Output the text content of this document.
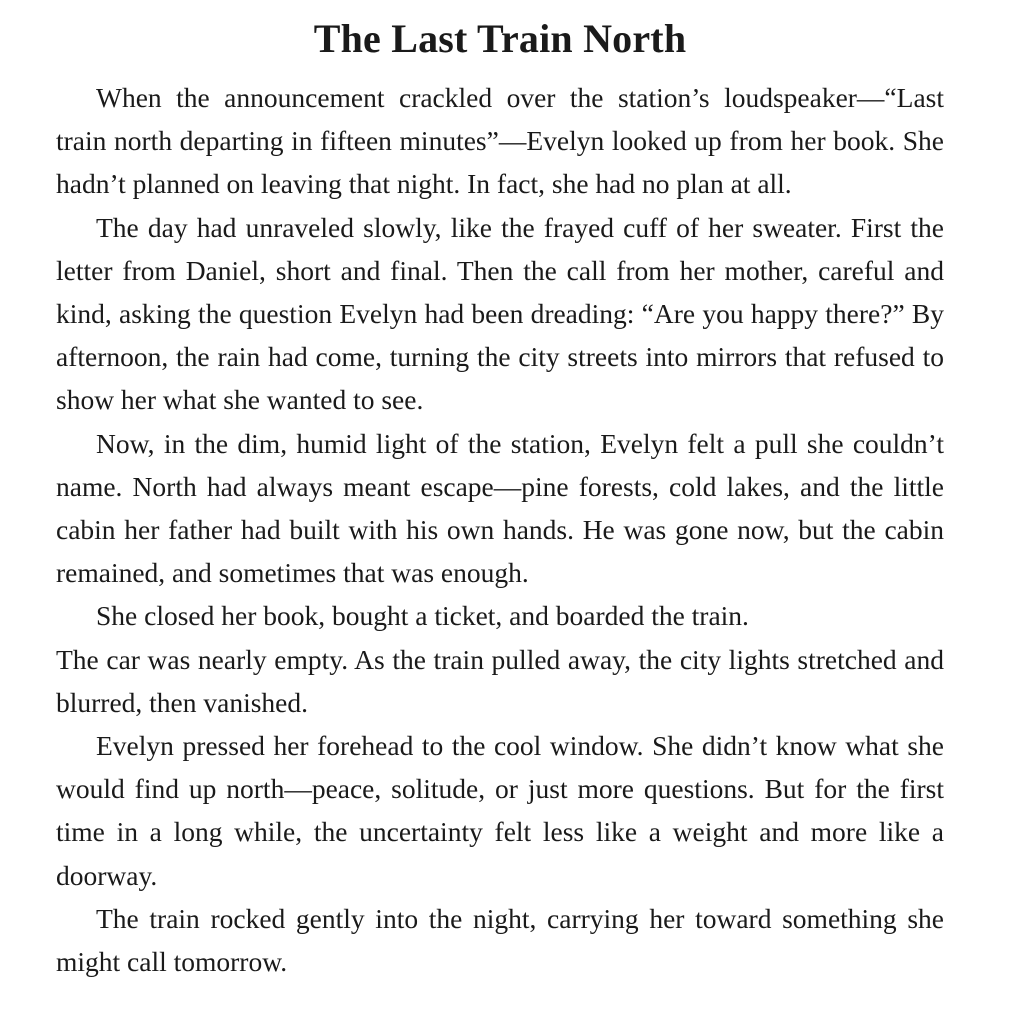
The Last Train North

When the announcement crackled over the station’s loudspeaker—“Last train north departing in fifteen minutes”—Evelyn looked up from her book. She hadn’t planned on leaving that night. In fact, she had no plan at all.

The day had unraveled slowly, like the frayed cuff of her sweater. First the letter from Daniel, short and final. Then the call from her mother, careful and kind, asking the question Evelyn had been dreading: “Are you happy there?” By afternoon, the rain had come, turning the city streets into mirrors that refused to show her what she wanted to see.

Now, in the dim, humid light of the station, Evelyn felt a pull she couldn’t name. North had always meant escape—pine forests, cold lakes, and the little cabin her father had built with his own hands. He was gone now, but the cabin remained, and sometimes that was enough.

She closed her book, bought a ticket, and boarded the train.

The car was nearly empty. As the train pulled away, the city lights stretched and blurred, then vanished.

Evelyn pressed her forehead to the cool window. She didn’t know what she would find up north—peace, solitude, or just more questions. But for the first time in a long while, the uncertainty felt less like a weight and more like a doorway.

The train rocked gently into the night, carrying her toward something she might call tomorrow.
